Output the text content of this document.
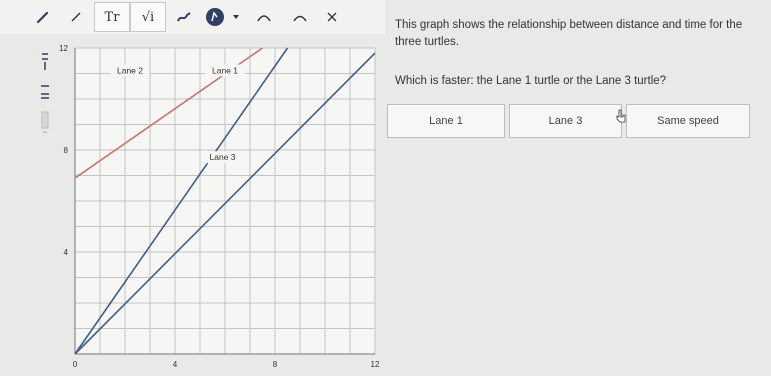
Tr √i
0	4	8	12
4
8
12
Lane 2	Lane 1
Lane 3

This graph shows the relationship between distance and time for the three turtles.

Which is faster: the Lane 1 turtle or the Lane 3 turtle?
Lane 1	Lane 3	Same speed
